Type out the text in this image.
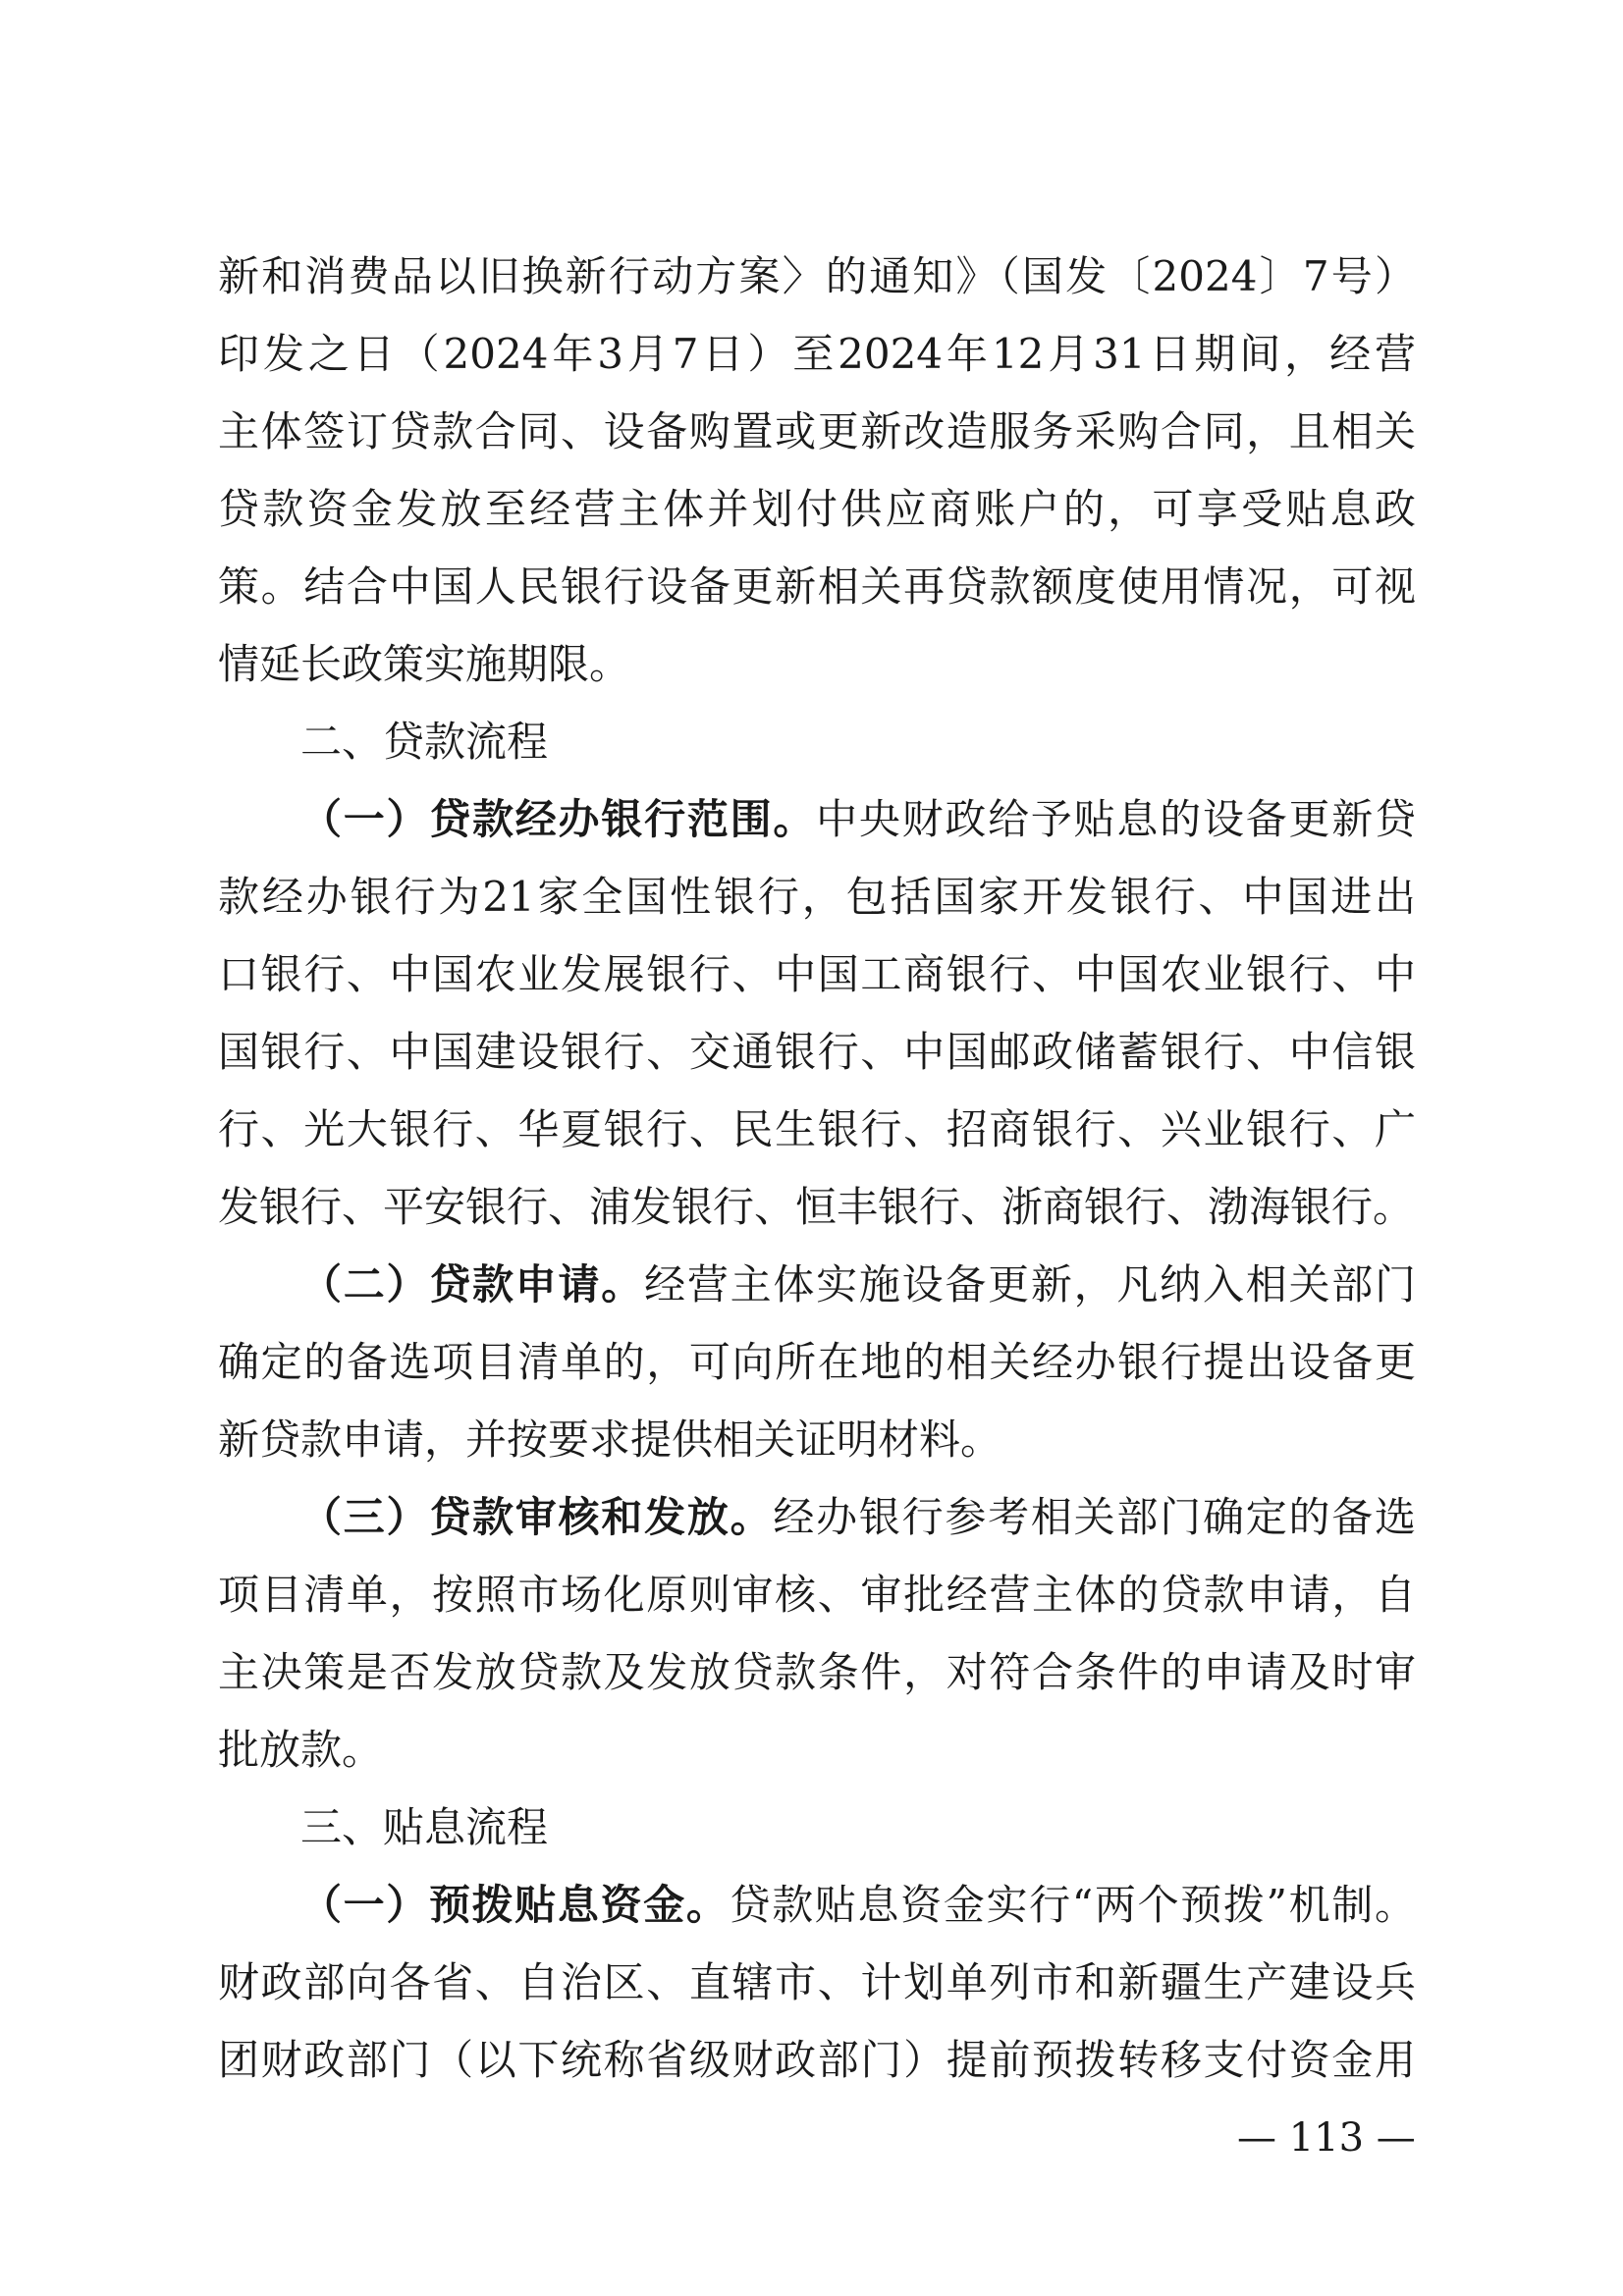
新和消费品以旧换新行动方案〉的通知》（国发〔2024〕7号）
印发之日（2024年3月7日）至2024年12月31日期间，经营
主体签订贷款合同、设备购置或更新改造服务采购合同，且相关
贷款资金发放至经营主体并划付供应商账户的，可享受贴息政
策。结合中国人民银行设备更新相关再贷款额度使用情况，可视
情延长政策实施期限。
二、贷款流程
（一）贷款经办银行范围。中央财政给予贴息的设备更新贷
款经办银行为21家全国性银行，包括国家开发银行、中国进出
口银行、中国农业发展银行、中国工商银行、中国农业银行、中
国银行、中国建设银行、交通银行、中国邮政储蓄银行、中信银
行、光大银行、华夏银行、民生银行、招商银行、兴业银行、广
发银行、平安银行、浦发银行、恒丰银行、浙商银行、渤海银行。
（二）贷款申请。经营主体实施设备更新，凡纳入相关部门
确定的备选项目清单的，可向所在地的相关经办银行提出设备更
新贷款申请，并按要求提供相关证明材料。
（三）贷款审核和发放。经办银行参考相关部门确定的备选
项目清单，按照市场化原则审核、审批经营主体的贷款申请，自
主决策是否发放贷款及发放贷款条件，对符合条件的申请及时审
批放款。
三、贴息流程
（一）预拨贴息资金。贷款贴息资金实行“两个预拨”机制。
财政部向各省、自治区、直辖市、计划单列市和新疆生产建设兵
团财政部门（以下统称省级财政部门）提前预拨转移支付资金用
— 113 —
